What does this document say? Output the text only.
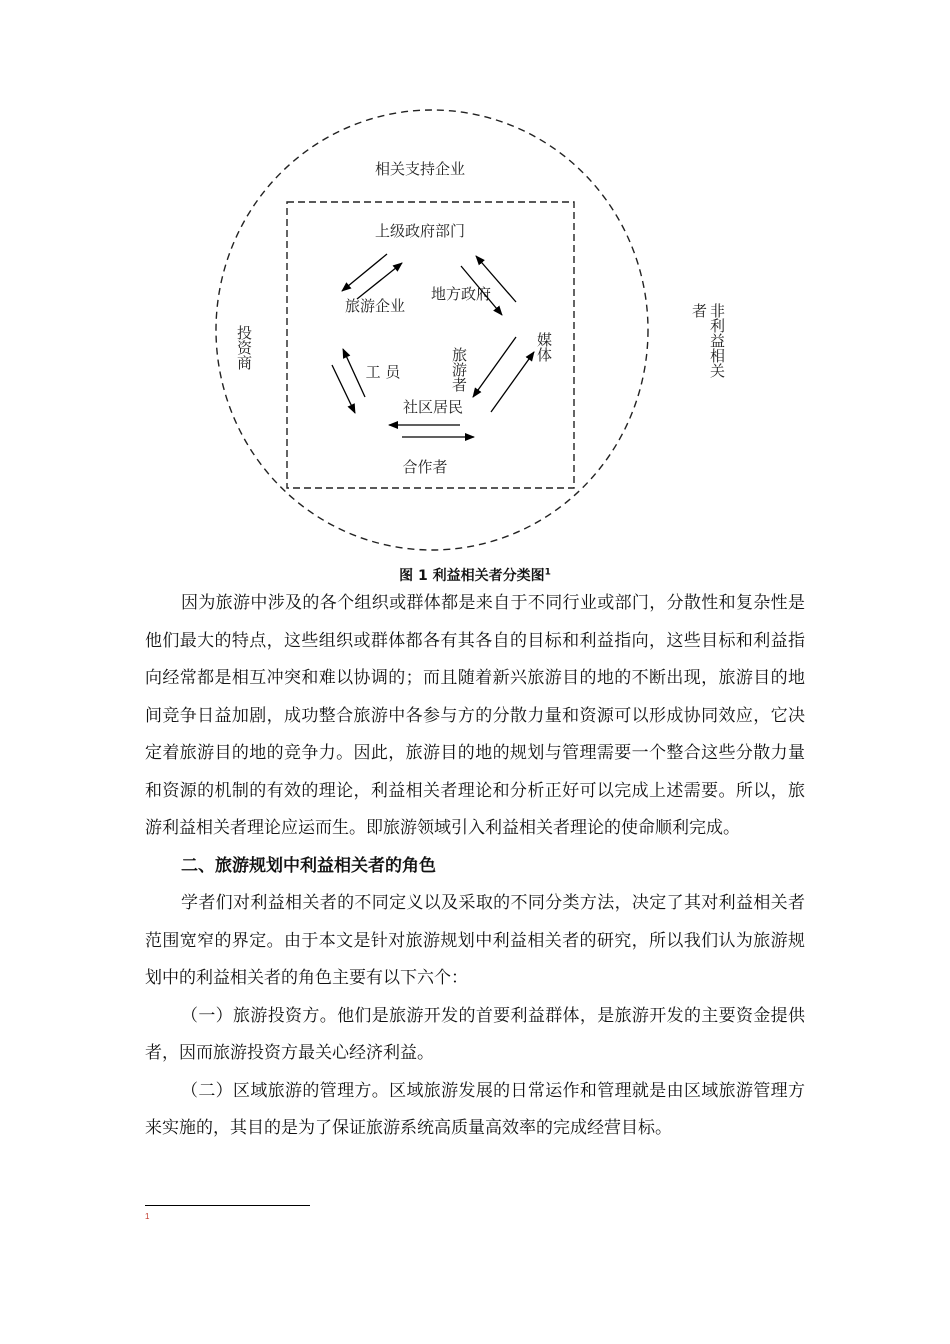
相关支持企业
投资商
者 非利益相关
上级政府部门
旅游企业
地方政府
媒体
工 员	旅游者
社区居民
合作者
图 1 利益相关者分类图$^1$

因为旅游中涉及的各个组织或群体都是来自于不同行业或部门，分散性和复杂性是他们最大的特点，这些组织或群体都各有其各自的目标和利益指向，这些目标和利益指向经常都是相互冲突和难以协调的；而且随着新兴旅游目的地的不断出现，旅游目的地间竞争日益加剧，成功整合旅游中各参与方的分散力量和资源可以形成协同效应，它决定着旅游目的地的竞争力。因此，旅游目的地的规划与管理需要一个整合这些分散力量和资源的机制的有效的理论，利益相关者理论和分析正好可以完成上述需要。所以，旅游利益相关者理论应运而生。即旅游领域引入利益相关者理论的使命顺利完成。

二、旅游规划中利益相关者的角色

学者们对利益相关者的不同定义以及采取的不同分类方法，决定了其对利益相关者范围宽窄的界定。由于本文是针对旅游规划中利益相关者的研究，所以我们认为旅游规划中的利益相关者的角色主要有以下六个：

（一）旅游投资方。他们是旅游开发的首要利益群体，是旅游开发的主要资金提供者，因而旅游投资方最关心经济利益。

（二）区域旅游的管理方。区域旅游发展的日常运作和管理就是由区域旅游管理方来实施的，其目的是为了保证旅游系统高质量高效率的完成经营目标。

1
